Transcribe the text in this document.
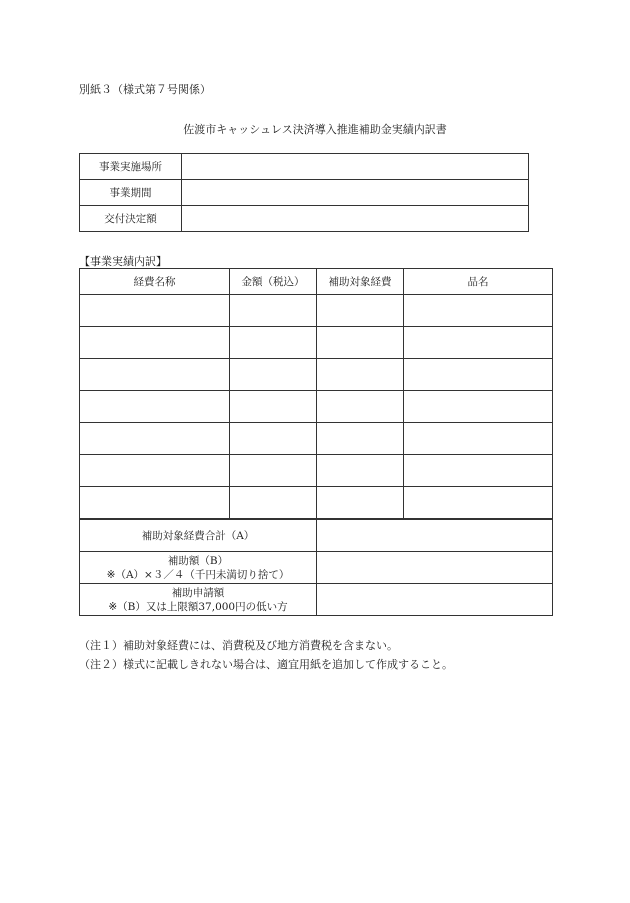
別紙３（様式第７号関係）
佐渡市キャッシュレス決済導入推進補助金実績内訳書
事業実施場所	
事業期間	
交付決定額	
【事業実績内訳】
経費名称	金額（税込）	補助対象経費	品名

補助対象経費合計（A）	

補助額（B）
※（A）×３／４（千円未満切り捨て）	

補助申請額
※（B）又は上限額37,000円の低い方	

（注１）補助対象経費には、消費税及び地方消費税を含まない。
（注２）様式に記載しきれない場合は、適宜用紙を追加して作成すること。
